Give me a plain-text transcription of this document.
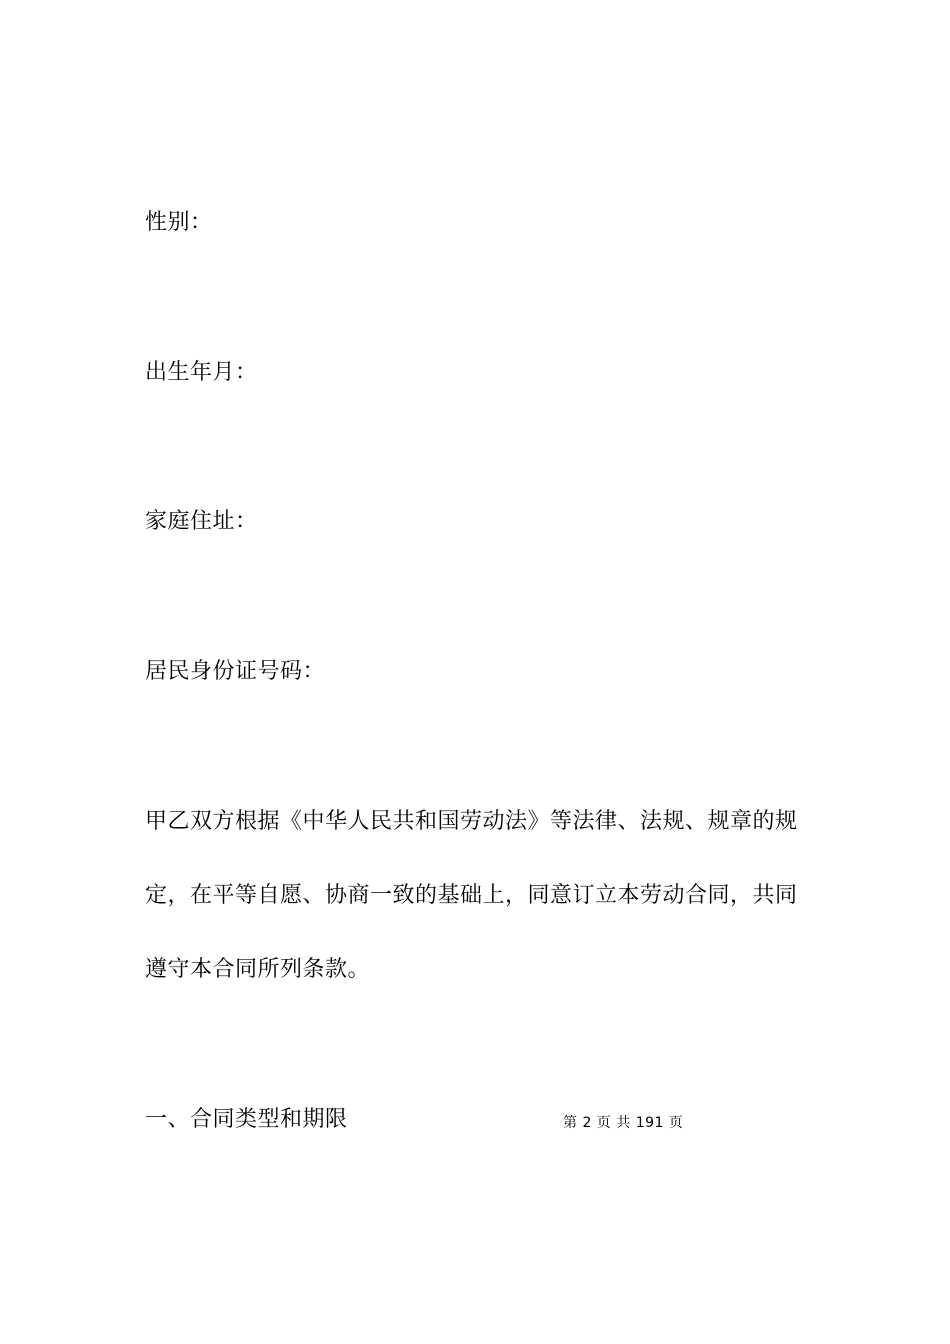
性别：
出生年月：
家庭住址：
居民身份证号码：
甲乙双方根据《中华人民共和国劳动法》等法律、法规、规章的规
定，在平等自愿、协商一致的基础上，同意订立本劳动合同，共同
遵守本合同所列条款。
一、合同类型和期限	第 2 页 共 191 页
